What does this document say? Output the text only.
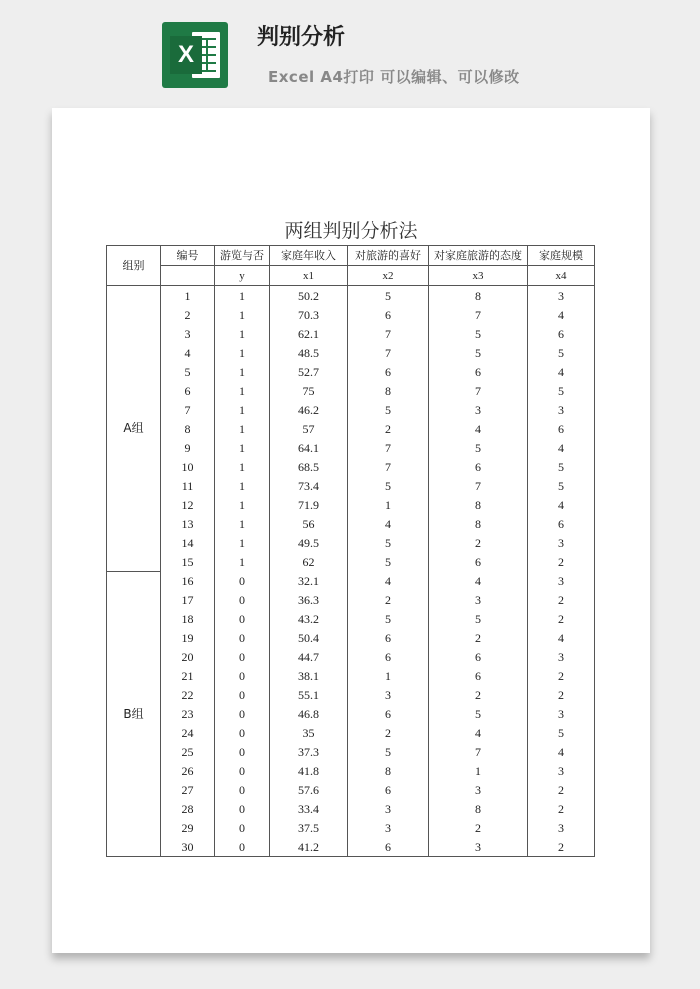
X
判别分析
Excel A4打印 可以编辑、可以修改
两组判别分析法
组别	编号	游览与否	家庭年收入	对旅游的喜好	对家庭旅游的态度	家庭规模
		y	x1	x2	x3	x4
A组	1	1	50.2	5	8	3
	2	1	70.3	6	7	4
	3	1	62.1	7	5	6
	4	1	48.5	7	5	5
	5	1	52.7	6	6	4
	6	1	75	8	7	5
	7	1	46.2	5	3	3
	8	1	57	2	4	6
	9	1	64.1	7	5	4
	10	1	68.5	7	6	5
	11	1	73.4	5	7	5
	12	1	71.9	1	8	4
	13	1	56	4	8	6
	14	1	49.5	5	2	3
	15	1	62	5	6	2
B组	16	0	32.1	4	4	3
	17	0	36.3	2	3	2
	18	0	43.2	5	5	2
	19	0	50.4	6	2	4
	20	0	44.7	6	6	3
	21	0	38.1	1	6	2
	22	0	55.1	3	2	2
	23	0	46.8	6	5	3
	24	0	35	2	4	5
	25	0	37.3	5	7	4
	26	0	41.8	8	1	3
	27	0	57.6	6	3	2
	28	0	33.4	3	8	2
	29	0	37.5	3	2	3
	30	0	41.2	6	3	2
